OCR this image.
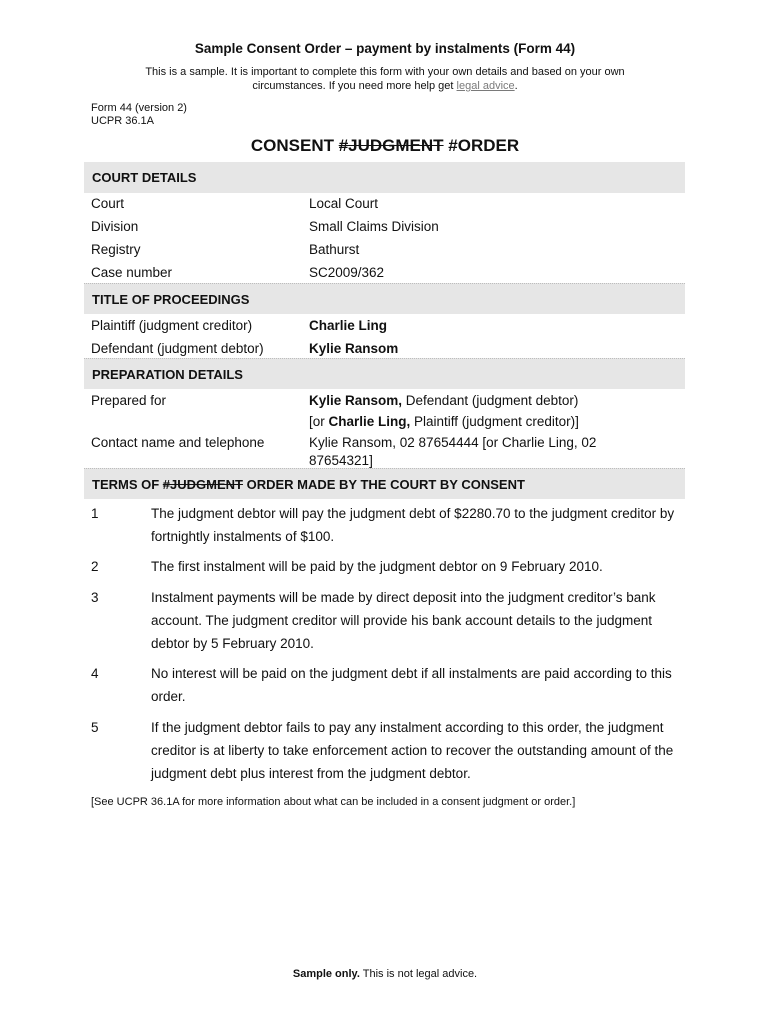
Sample Consent Order – payment by instalments (Form 44)
This is a sample. It is important to complete this form with your own details and based on your own
circumstances. If you need more help get legal advice.
Form 44 (version 2)
UCPR 36.1A
CONSENT #JUDGMENT #ORDER
COURT DETAILS
Court	Local Court
Division	Small Claims Division
Registry	Bathurst
Case number	SC2009/362
TITLE OF PROCEEDINGS
Plaintiff (judgment creditor)	Charlie Ling
Defendant (judgment debtor)	Kylie Ransom
PREPARATION DETAILS
Prepared for	Kylie Ransom, Defendant (judgment debtor)
[or Charlie Ling, Plaintiff (judgment creditor)]
Contact name and telephone	Kylie Ransom, 02 87654444 [or Charlie Ling, 02
87654321]
TERMS OF #JUDGMENT ORDER MADE BY THE COURT BY CONSENT
1	The judgment debtor will pay the judgment debt of $2280.70 to the judgment creditor by fortnightly instalments of $100.
2	The first instalment will be paid by the judgment debtor on 9 February 2010.
3	Instalment payments will be made by direct deposit into the judgment creditor’s bank account. The judgment creditor will provide his bank account details to the judgment debtor by 5 February 2010.
4	No interest will be paid on the judgment debt if all instalments are paid according to this order.
5	If the judgment debtor fails to pay any instalment according to this order, the judgment creditor is at liberty to take enforcement action to recover the outstanding amount of the judgment debt plus interest from the judgment debtor.
[See UCPR 36.1A for more information about what can be included in a consent judgment or order.]
Sample only. This is not legal advice.
